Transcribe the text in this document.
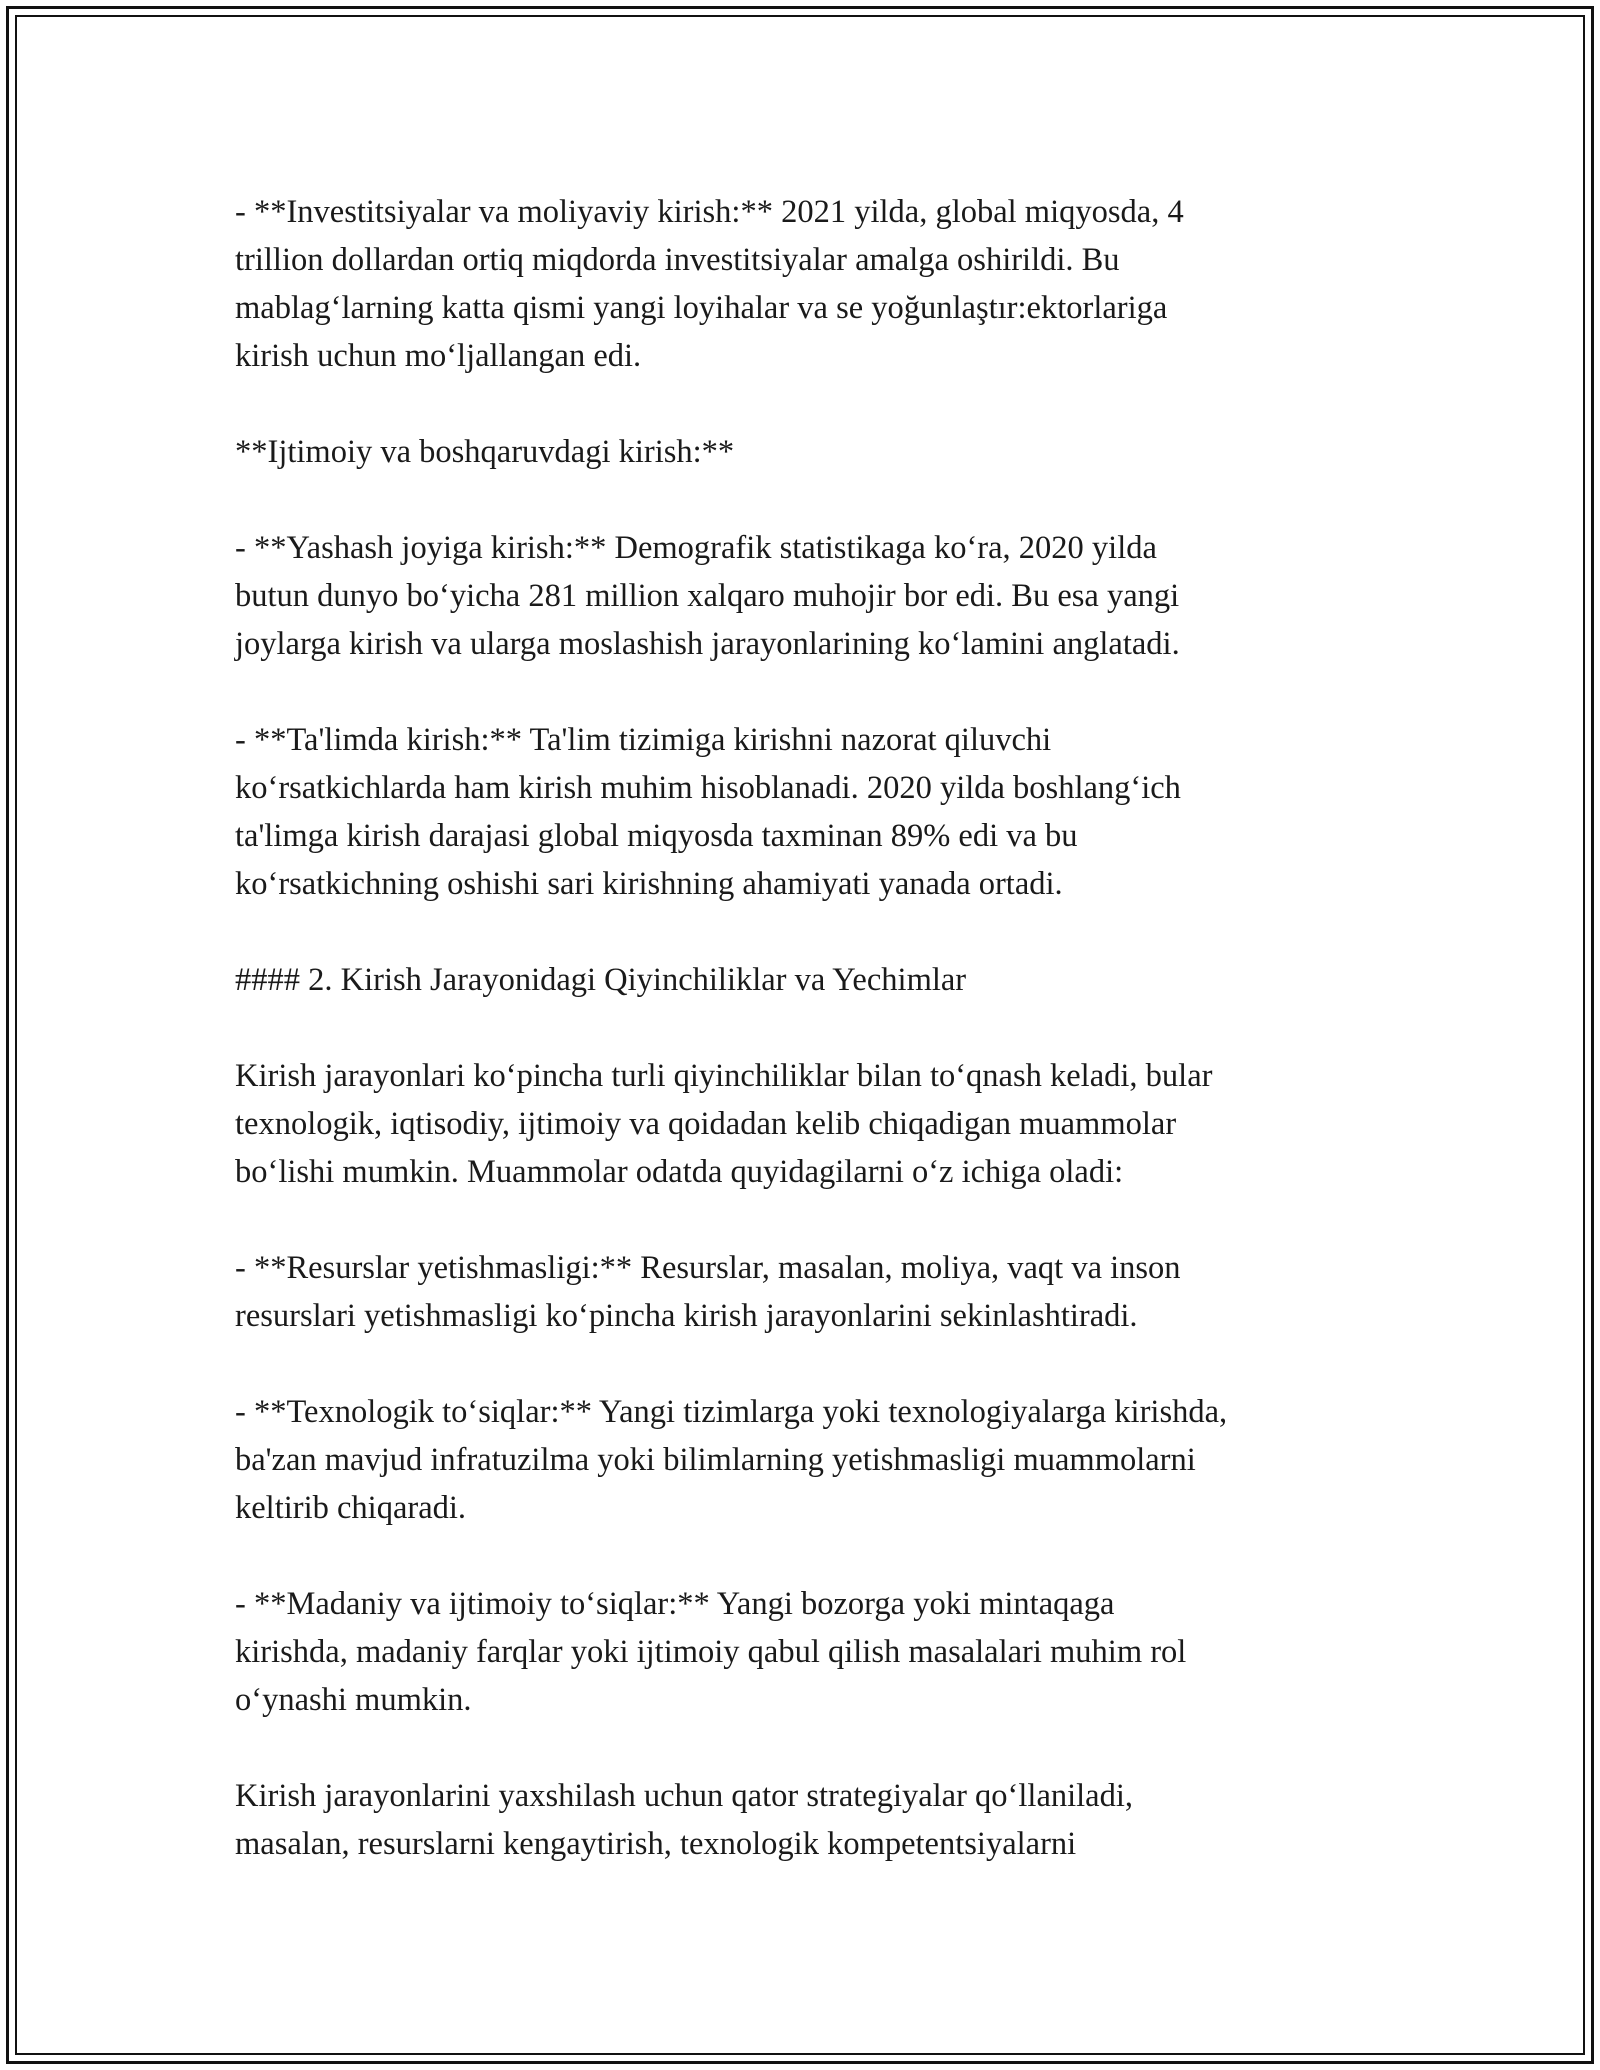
- **Investitsiyalar va moliyaviy kirish:** 2021 yilda, global miqyosda, 4
trillion dollardan ortiq miqdorda investitsiyalar amalga oshirildi. Bu
mablag‘larning katta qismi yangi loyihalar va se yoğunlaştır:ektorlariga
kirish uchun mo‘ljallangan edi.

**Ijtimoiy va boshqaruvdagi kirish:**

- **Yashash joyiga kirish:** Demografik statistikaga ko‘ra, 2020 yilda
butun dunyo bo‘yicha 281 million xalqaro muhojir bor edi. Bu esa yangi
joylarga kirish va ularga moslashish jarayonlarining ko‘lamini anglatadi.

- **Ta'limda kirish:** Ta'lim tizimiga kirishni nazorat qiluvchi
ko‘rsatkichlarda ham kirish muhim hisoblanadi. 2020 yilda boshlang‘ich
ta'limga kirish darajasi global miqyosda taxminan 89% edi va bu
ko‘rsatkichning oshishi sari kirishning ahamiyati yanada ortadi.

#### 2. Kirish Jarayonidagi Qiyinchiliklar va Yechimlar

Kirish jarayonlari ko‘pincha turli qiyinchiliklar bilan to‘qnash keladi, bular
texnologik, iqtisodiy, ijtimoiy va qoidadan kelib chiqadigan muammolar
bo‘lishi mumkin. Muammolar odatda quyidagilarni o‘z ichiga oladi:

- **Resurslar yetishmasligi:** Resurslar, masalan, moliya, vaqt va inson
resurslari yetishmasligi ko‘pincha kirish jarayonlarini sekinlashtiradi.

- **Texnologik to‘siqlar:** Yangi tizimlarga yoki texnologiyalarga kirishda,
ba'zan mavjud infratuzilma yoki bilimlarning yetishmasligi muammolarni
keltirib chiqaradi.

- **Madaniy va ijtimoiy to‘siqlar:** Yangi bozorga yoki mintaqaga
kirishda, madaniy farqlar yoki ijtimoiy qabul qilish masalalari muhim rol
o‘ynashi mumkin.

Kirish jarayonlarini yaxshilash uchun qator strategiyalar qo‘llaniladi,
masalan, resurslarni kengaytirish, texnologik kompetentsiyalarni
